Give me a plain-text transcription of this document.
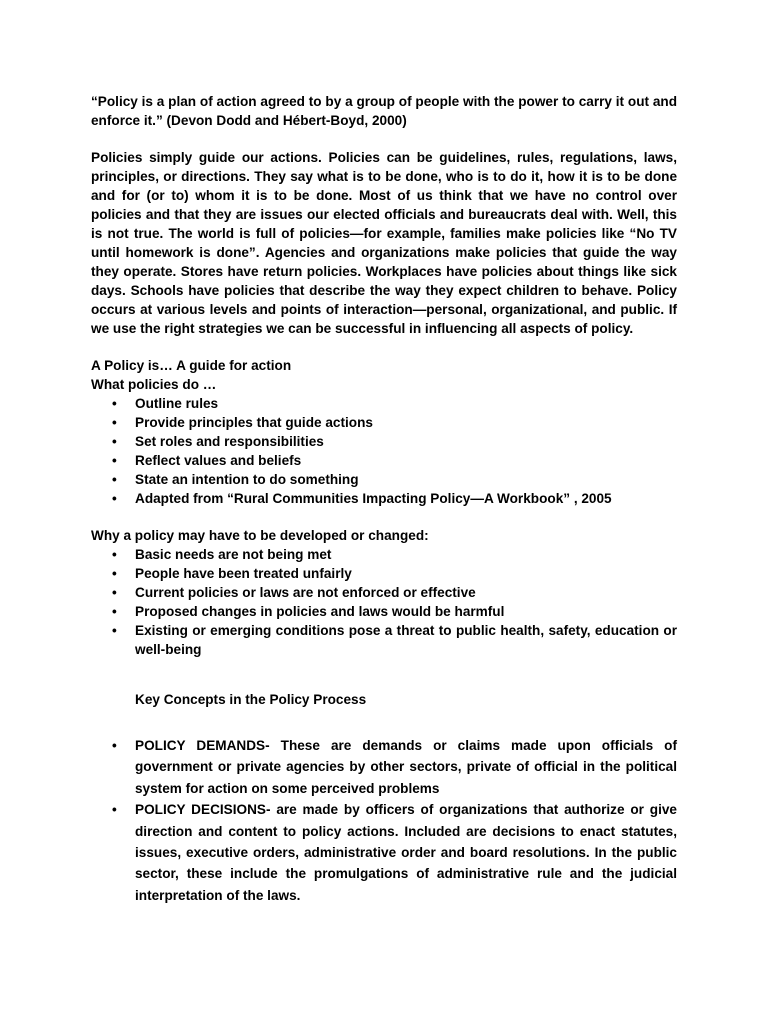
“Policy is a plan of action agreed to by a group of people with the power to carry it out and enforce it.” (Devon Dodd and Hébert-Boyd, 2000)

Policies simply guide our actions. Policies can be guidelines, rules, regulations, laws, principles, or directions. They say what is to be done, who is to do it, how it is to be done and for (or to) whom it is to be done. Most of us think that we have no control over policies and that they are issues our elected officials and bureaucrats deal with. Well, this is not true. The world is full of policies—for example, families make policies like “No TV until homework is done”. Agencies and organizations make policies that guide the way they operate. Stores have return policies. Workplaces have policies about things like sick days. Schools have policies that describe the way they expect children to behave. Policy occurs at various levels and points of interaction—personal, organizational, and public. If we use the right strategies we can be successful in influencing all aspects of policy.

A Policy is… A guide for action

What policies do …

•	Outline rules
•	Provide principles that guide actions
•	Set roles and responsibilities
•	Reflect values and beliefs
•	State an intention to do something
•	Adapted from “Rural Communities Impacting Policy—A Workbook” , 2005

Why a policy may have to be developed or changed:

•	Basic needs are not being met
•	People have been treated unfairly
•	Current policies or laws are not enforced or effective
•	Proposed changes in policies and laws would be harmful
•	Existing or emerging conditions pose a threat to public health, safety, education or well-being

Key Concepts in the Policy Process

•	POLICY DEMANDS- These are demands or claims made upon officials of government or private agencies by other sectors, private of official in the political system for action on some perceived problems
•	POLICY DECISIONS- are made by officers of organizations that authorize or give direction and content to policy actions. Included are decisions to enact statutes, issues, executive orders, administrative order and board resolutions. In the public sector, these include the promulgations of administrative rule and the judicial interpretation of the laws.
